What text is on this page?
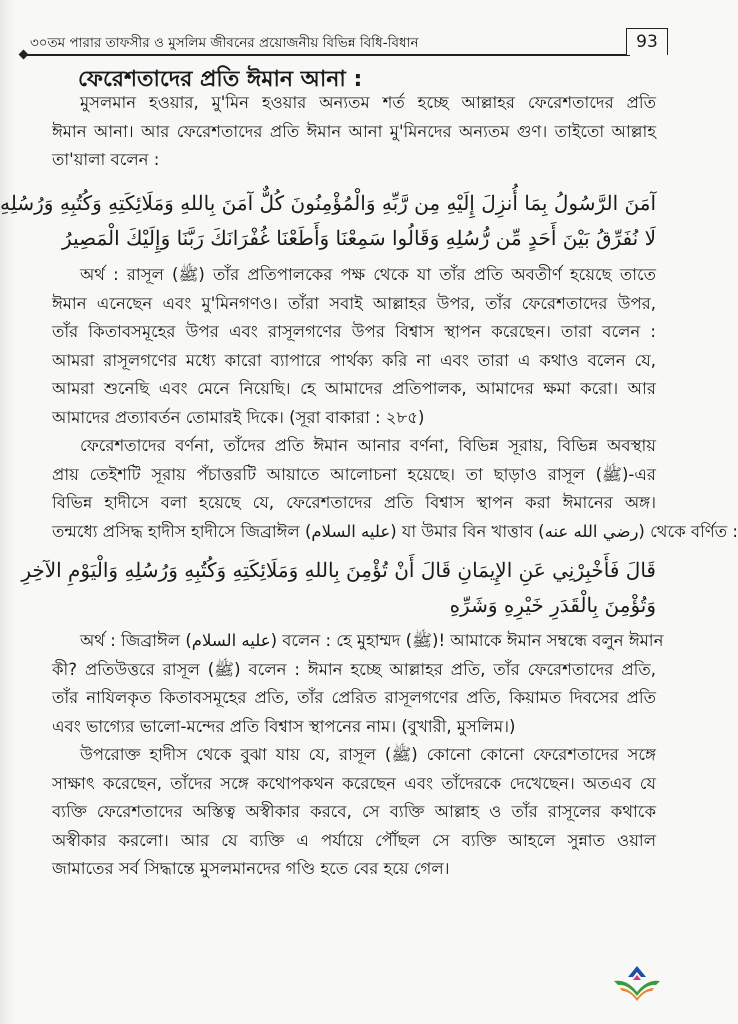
৩০তম পারার তাফসীর ও মুসলিম জীবনের প্রয়োজনীয় বিভিন্ন বিধি-বিধান	93
ফেরেশতাদের প্রতি ঈমান আনা :
মুসলমান হওয়ার, মু'মিন হওয়ার অন্যতম শর্ত হচ্ছে আল্লাহর ফেরেশতাদের প্রতি
ঈমান আনা। আর ফেরেশতাদের প্রতি ঈমান আনা মু'মিনদের অন্যতম গুণ। তাইতো আল্লাহ
তা'য়ালা বলেন :
آمَنَ الرَّسُولُ بِمَا أُنزِلَ إِلَيْهِ مِن رَّبِّهِ وَالْمُؤْمِنُونَ كُلٌّ آمَنَ بِاللهِ وَمَلَائِكَتِهِ وَكُتُبِهِ وَرُسُلِهِ
لَا نُفَرِّقُ بَيْنَ أَحَدٍ مِّن رُّسُلِهِ وَقَالُوا سَمِعْنَا وَأَطَعْنَا غُفْرَانَكَ رَبَّنَا وَإِلَيْكَ الْمَصِيرُ
অর্থ : রাসূল (ﷺ) তাঁর প্রতিপালকের পক্ষ থেকে যা তাঁর প্রতি অবতীর্ণ হয়েছে তাতে
ঈমান এনেছেন এবং মু'মিনগণও। তাঁরা সবাই আল্লাহর উপর, তাঁর ফেরেশতাদের উপর,
তাঁর কিতাবসমূহের উপর এবং রাসূলগণের উপর বিশ্বাস স্থাপন করেছেন। তারা বলেন :
আমরা রাসূলগণের মধ্যে কারো ব্যাপারে পার্থক্য করি না এবং তারা এ কথাও বলেন যে,
আমরা শুনেছি এবং মেনে নিয়েছি। হে আমাদের প্রতিপালক, আমাদের ক্ষমা করো। আর
আমাদের প্রত্যাবর্তন তোমারই দিকে। (সূরা বাকারা : ২৮৫)
ফেরেশতাদের বর্ণনা, তাঁদের প্রতি ঈমান আনার বর্ণনা, বিভিন্ন সূরায়, বিভিন্ন অবস্থায়
প্রায় তেইশটি সূরায় পঁচাত্তরটি আয়াতে আলোচনা হয়েছে। তা ছাড়াও রাসূল (ﷺ)-এর
বিভিন্ন হাদীসে বলা হয়েছে যে, ফেরেশতাদের প্রতি বিশ্বাস স্থাপন করা ঈমানের অঙ্গ।
তন্মধ্যে প্রসিদ্ধ হাদীস হাদীসে জিব্রাঈল (عليه السلام) যা উমার বিন খাত্তাব (رضي الله عنه) থেকে বর্ণিত :
قَالَ فَأَخْبِرْنِي عَنِ الإِيمَانِ قَالَ أَنْ تُؤْمِنَ بِاللهِ وَمَلَائِكَتِهِ وَكُتُبِهِ وَرُسُلِهِ وَالْيَوْمِ الآخِرِ
وَتُؤْمِنَ بِالْقَدَرِ خَيْرِهِ وَشَرِّهِ
অর্থ : জিব্রাঈল (عليه السلام) বলেন : হে মুহাম্মদ (ﷺ)! আমাকে ঈমান সম্বন্ধে বলুন ঈমান
কী? প্রতিউত্তরে রাসূল (ﷺ) বলেন : ঈমান হচ্ছে আল্লাহর প্রতি, তাঁর ফেরেশতাদের প্রতি,
তাঁর নাযিলকৃত কিতাবসমূহের প্রতি, তাঁর প্রেরিত রাসূলগণের প্রতি, কিয়ামত দিবসের প্রতি
এবং ভাগ্যের ভালো-মন্দের প্রতি বিশ্বাস স্থাপনের নাম। (বুখারী, মুসলিম।)
উপরোক্ত হাদীস থেকে বুঝা যায় যে, রাসূল (ﷺ) কোনো কোনো ফেরেশতাদের সঙ্গে
সাক্ষাৎ করেছেন, তাঁদের সঙ্গে কথোপকথন করেছেন এবং তাঁদেরকে দেখেছেন। অতএব যে
ব্যক্তি ফেরেশতাদের অস্তিত্ব অস্বীকার করবে, সে ব্যক্তি আল্লাহ ও তাঁর রাসূলের কথাকে
অস্বীকার করলো। আর যে ব্যক্তি এ পর্যায়ে পৌঁছল সে ব্যক্তি আহলে সুন্নাত ওয়াল
জামাতের সর্ব সিদ্ধান্তে মুসলমানদের গণ্ডি হতে বের হয়ে গেল।
